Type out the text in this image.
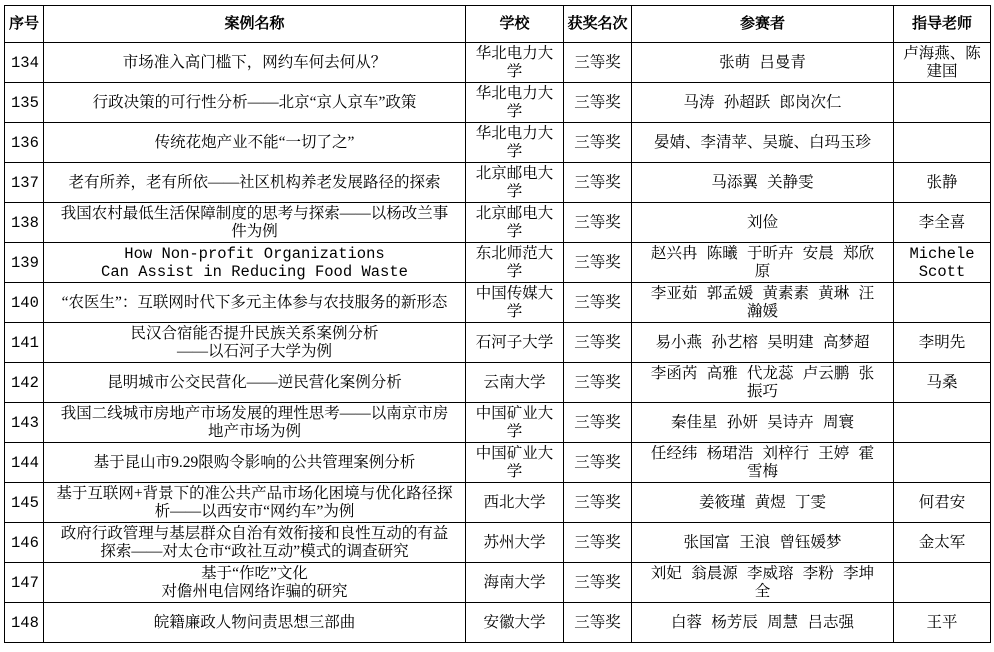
序号	案例名称	学校	获奖名次	参赛者	指导老师
134	市场准入高门槛下，网约车何去何从？	华北电力大学	三等奖	张萌 吕曼青	卢海燕、陈建国
135	行政决策的可行性分析——北京“京人京车”政策	华北电力大学	三等奖	马涛 孙超跃 郎岗次仁	
136	传统花炮产业不能“一切了之”	华北电力大学	三等奖	晏婧、李清苹、吴璇、白玛玉珍	
137	老有所养，老有所依——社区机构养老发展路径的探索	北京邮电大学	三等奖	马添翼 关静雯	张静
138	我国农村最低生活保障制度的思考与探索——以杨改兰事件为例	北京邮电大学	三等奖	刘俭	李全喜
139	How Non-profit Organizations
Can Assist in Reducing Food Waste	东北师范大学	三等奖	赵兴冉 陈曦 于昕卉 安晨 郑欣原	Michele Scott
140	“农医生”：互联网时代下多元主体参与农技服务的新形态	中国传媒大学	三等奖	李亚茹 郭孟媛 黄素素 黄琳 汪瀚媛	
141	民汉合宿能否提升民族关系案例分析
——以石河子大学为例	石河子大学	三等奖	易小燕 孙艺榕 吴明建 高梦超	李明先
142	昆明城市公交民营化——逆民营化案例分析	云南大学	三等奖	李函芮 高雅 代龙蕊 卢云鹏 张振巧	马桑
143	我国二线城市房地产市场发展的理性思考——以南京市房地产市场为例	中国矿业大学	三等奖	秦佳星 孙妍 吴诗卉 周寰	
144	基于昆山市9.29限购令影响的公共管理案例分析	中国矿业大学	三等奖	任经纬 杨珺浩 刘梓行 王婷 霍雪梅	
145	基于互联网+背景下的准公共产品市场化困境与优化路径探析——以西安市“网约车”为例	西北大学	三等奖	姜筱瑾 黄煜 丁雯	何君安
146	政府行政管理与基层群众自治有效衔接和良性互动的有益探索——对太仓市“政社互动”模式的调查研究	苏州大学	三等奖	张国富 王浪 曾钰媛梦	金太军
147	基于“作吃”文化
对儋州电信网络诈骗的研究	海南大学	三等奖	刘妃 翁晨源 李威瑢 李粉 李坤全	
148	皖籍廉政人物问责思想三部曲	安徽大学	三等奖	白蓉 杨芳辰 周慧 吕志强	王平
